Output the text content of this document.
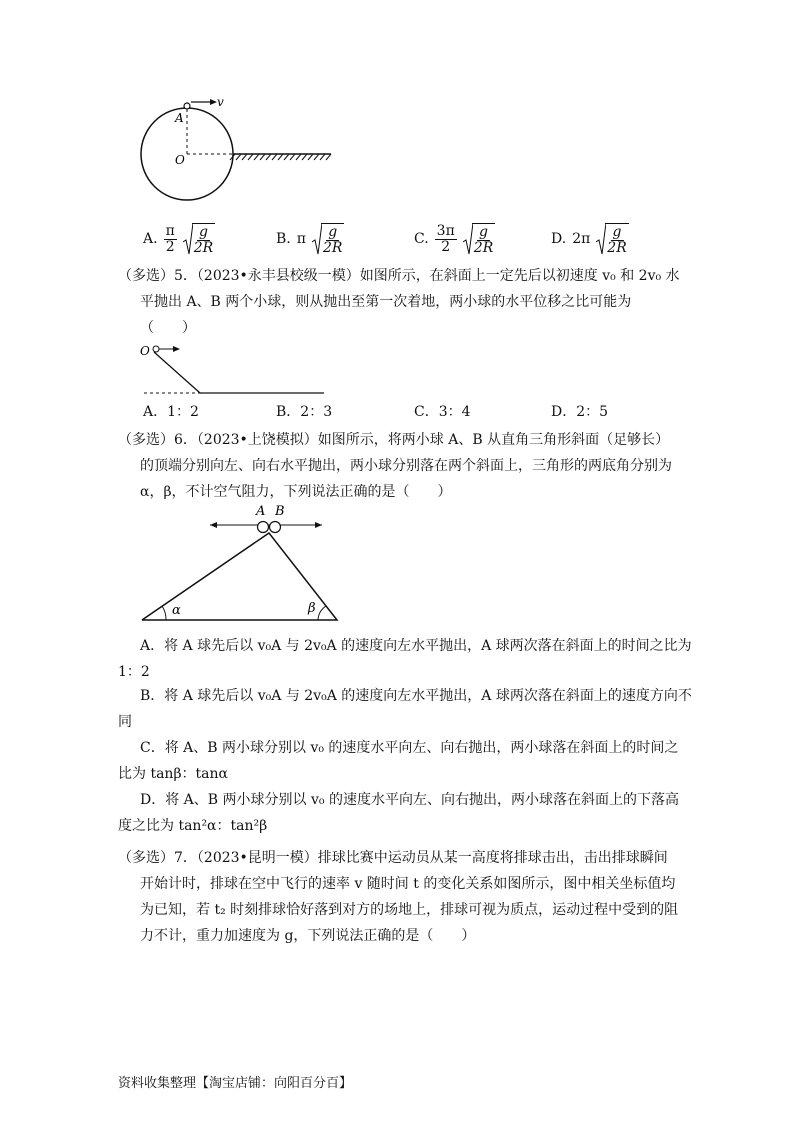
v
A
O
A. $\frac{\pi}{2} \frac{g}{2R}$	B. π $\frac{g}{2R}$	C. $\frac{3\pi}{2} \frac{g}{2R}$	D. $2\pi \frac{g}{2R}$
（多选）5．（2023•永丰县校级一模）如图所示，在斜面上一定先后以初速度 v₀ 和 2v₀ 水
平抛出 A、B 两个小球，则从抛出至第一次着地，两小球的水平位移之比可能为
（　　）
O
A．1：2	B．2：3	C．3：4	D．2：5
（多选）6．（2023•上饶模拟）如图所示，将两小球 A、B 从直角三角形斜面（足够长）
的顶端分别向左、向右水平抛出，两小球分别落在两个斜面上，三角形的两底角分别为
α，β，不计空气阻力，下列说法正确的是（　　）
A B
α	β
A．将 A 球先后以 v₀A 与 2v₀A 的速度向左水平抛出，A 球两次落在斜面上的时间之比为
1：2
B．将 A 球先后以 v₀A 与 2v₀A 的速度向左水平抛出，A 球两次落在斜面上的速度方向不
同
C．将 A、B 两小球分别以 v₀ 的速度水平向左、向右抛出，两小球落在斜面上的时间之
比为 tanβ：tanα
D．将 A、B 两小球分别以 v₀ 的速度水平向左、向右抛出，两小球落在斜面上的下落高
度之比为 tan²α：tan²β
（多选）7．（2023•昆明一模）排球比赛中运动员从某一高度将排球击出，击出排球瞬间
开始计时，排球在空中飞行的速率 v 随时间 t 的变化关系如图所示，图中相关坐标值均
为已知，若 t₂ 时刻排球恰好落到对方的场地上，排球可视为质点，运动过程中受到的阻
力不计，重力加速度为 g，下列说法正确的是（　　）
资料收集整理【淘宝店铺：向阳百分百】
